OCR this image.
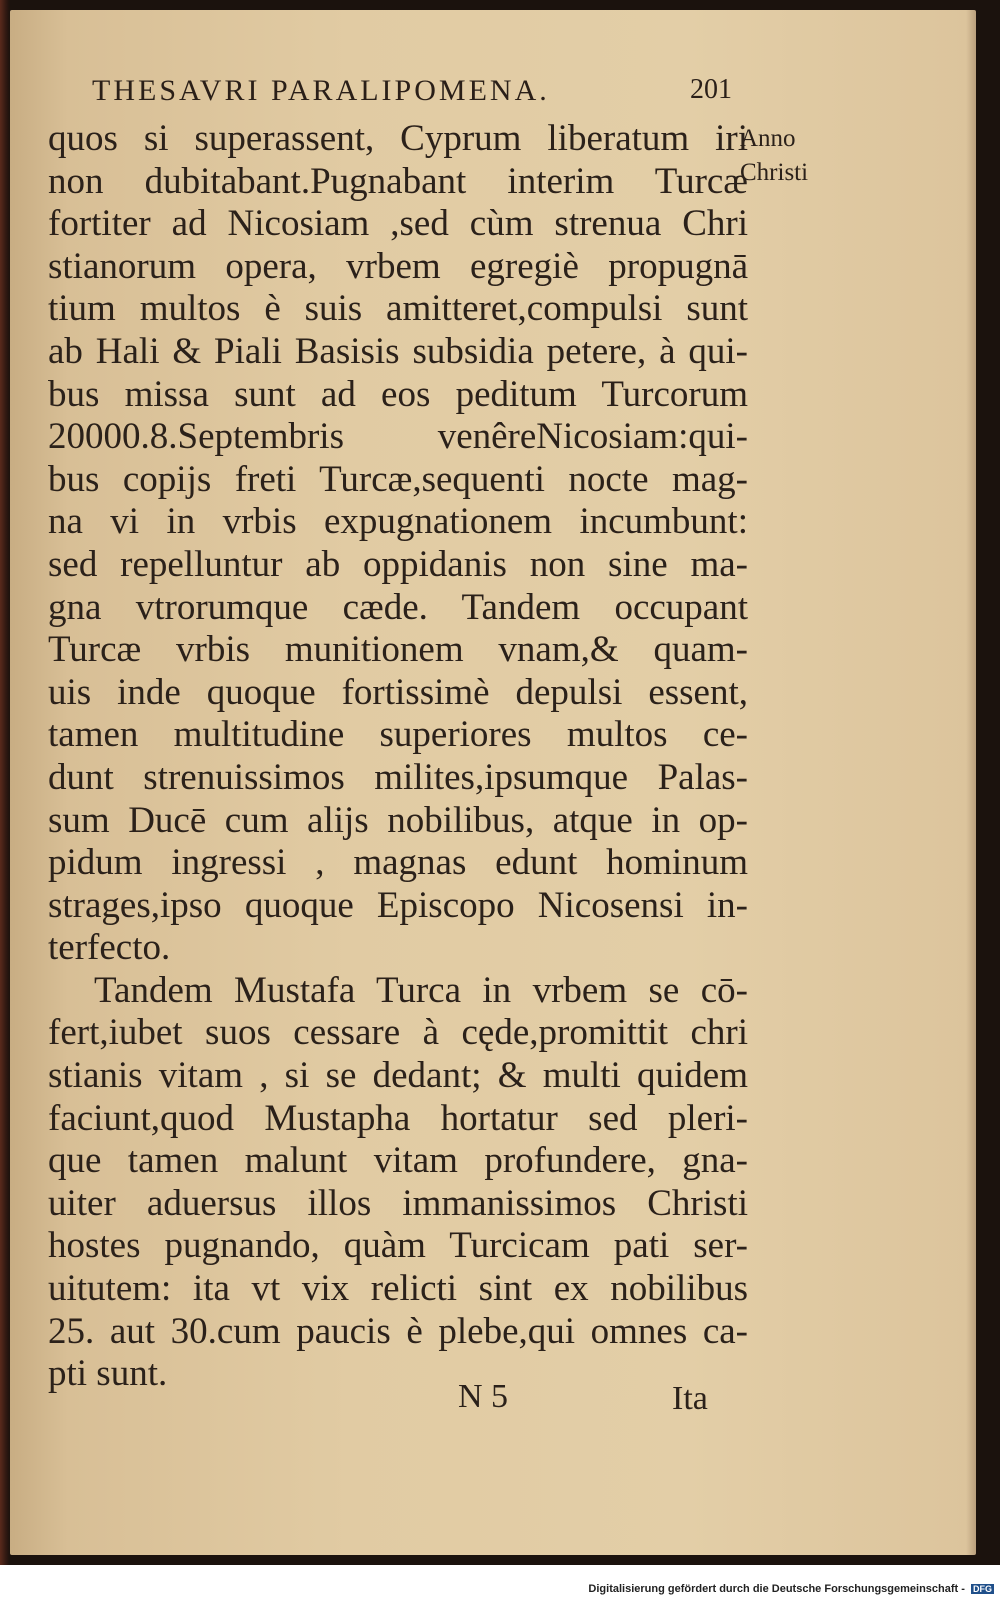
THESAVRI PARALIPOMENA.	201
Anno
Christi
quos si superassent, Cyprum liberatum iri
non dubitabant.Pugnabant interim Turcæ
fortiter ad Nicosiam ,sed cùm strenua Chri
stianorum opera, vrbem egregiè propugnā
tium multos è suis amitteret,compulsi sunt
ab Hali & Piali Basisis subsidia petere, à qui-
bus missa sunt ad eos peditum Turcorum
20000.8.Septembris venêreNicosiam:qui-
bus copijs freti Turcæ,sequenti nocte mag-
na vi in vrbis expugnationem incumbunt:
sed repelluntur ab oppidanis non sine ma-
gna vtrorumque cæde. Tandem occupant
Turcæ vrbis munitionem vnam,& quam-
uis inde quoque fortissimè depulsi essent,
tamen multitudine superiores multos ce-
dunt strenuissimos milites,ipsumque Palas-
sum Ducē cum alijs nobilibus, atque in op-
pidum ingressi , magnas edunt hominum
strages,ipso quoque Episcopo Nicosensi in-
terfecto.
Tandem Mustafa Turca in vrbem se cō-
fert,iubet suos cessare à cęde,promittit chri
stianis vitam , si se dedant; & multi quidem
faciunt,quod Mustapha hortatur sed pleri-
que tamen malunt vitam profundere, gna-
uiter aduersus illos immanissimos Christi
hostes pugnando, quàm Turcicam pati ser-
uitutem: ita vt vix relicti sint ex nobilibus
25. aut 30.cum paucis è plebe,qui omnes ca-
pti sunt.
N 5	Ita
Digitalisierung gefördert durch die Deutsche Forschungsgemeinschaft - DFG
